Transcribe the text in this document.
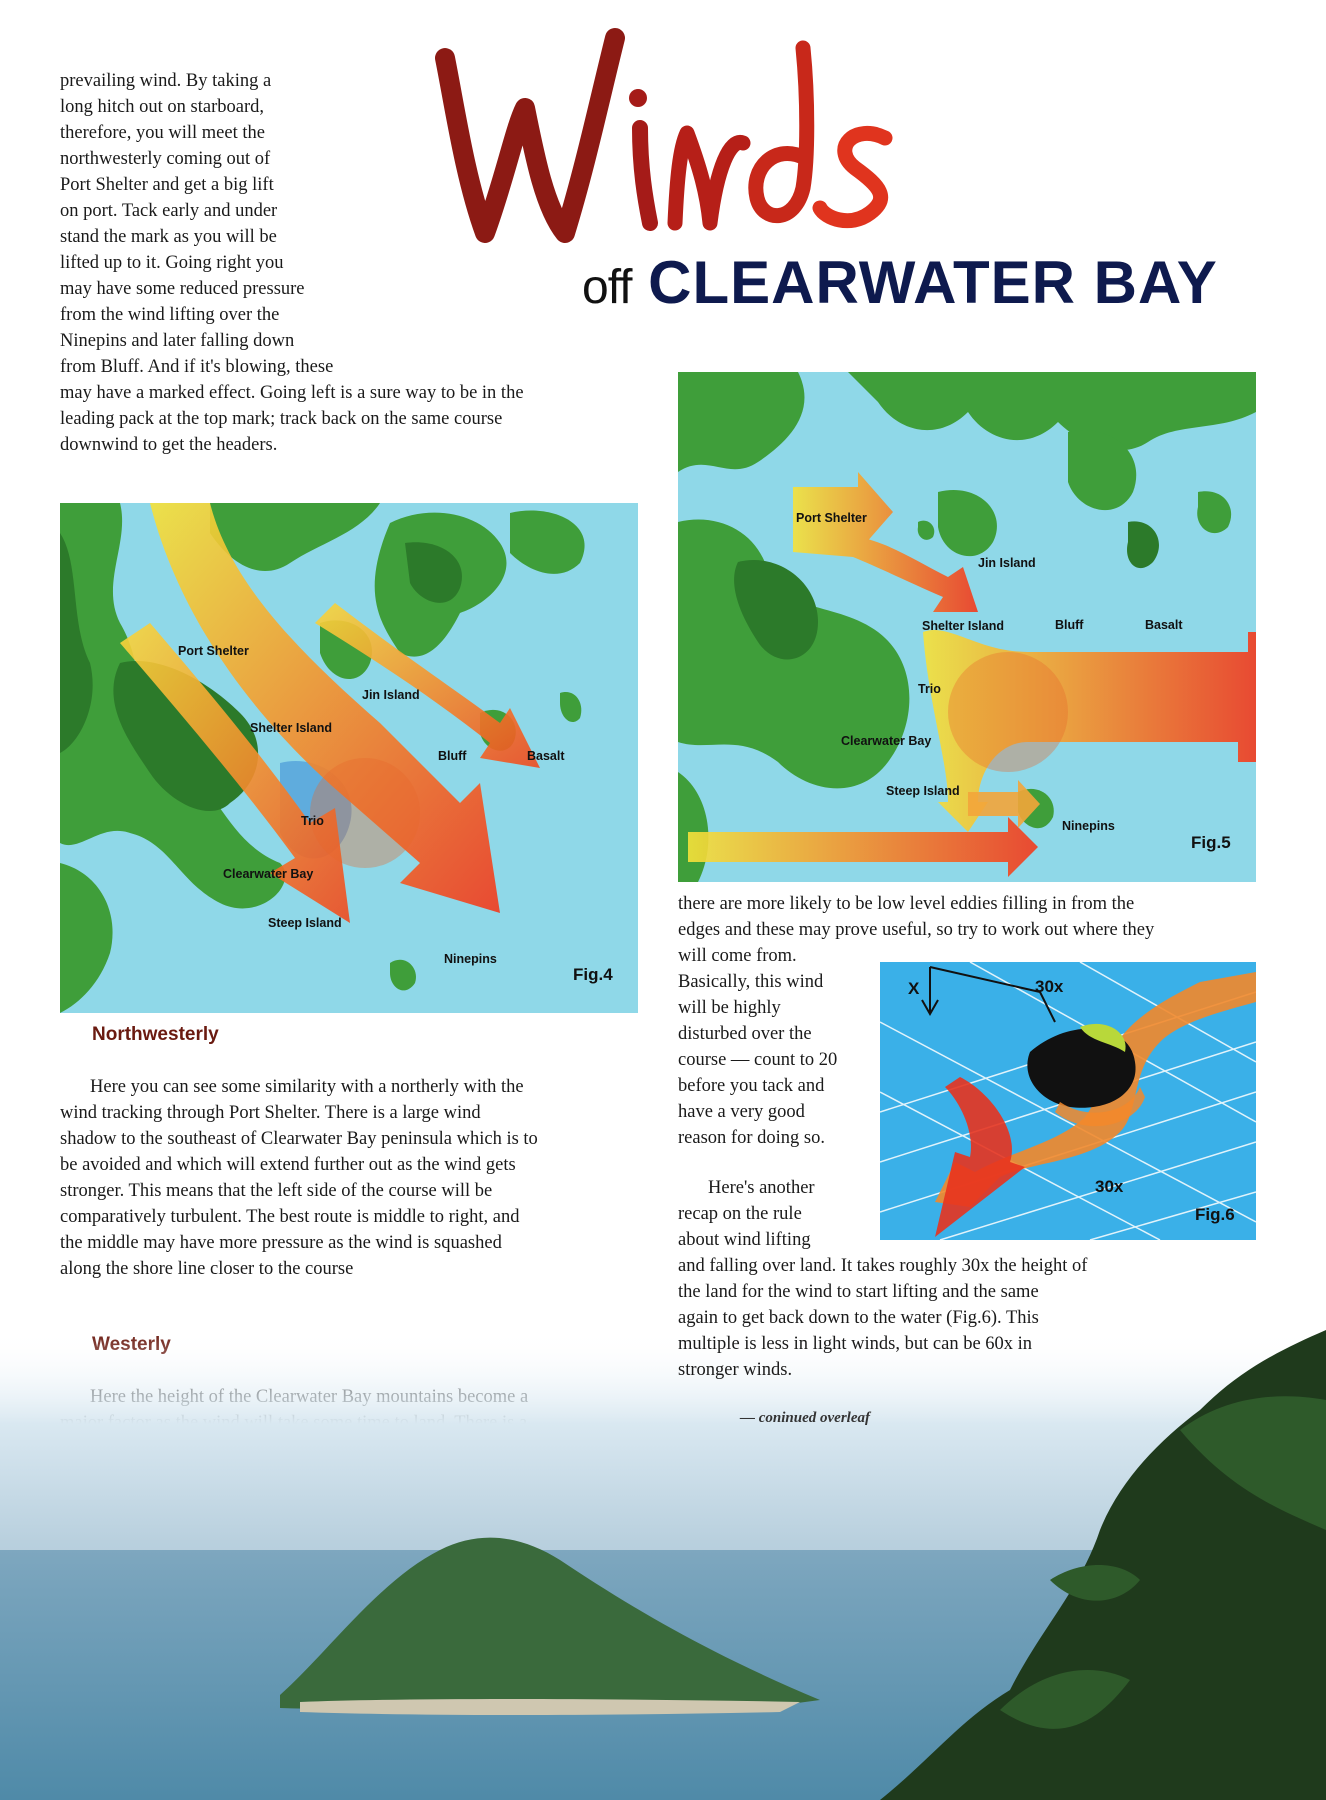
Winds
off CLEARWATER BAY

prevailing wind. By taking a

long hitch out on starboard,

therefore, you will meet the

northwesterly coming out of

Port Shelter and get a big lift

on port. Tack early and under

stand the mark as you will be

lifted up to it. Going right you

may have some reduced pressure

from the wind lifting over the

Ninepins and later falling down

from Bluff. And if it's blowing, these

may have a marked effect. Going left is a sure way to be in the

leading pack at the top mark; track back on the same course

downwind to get the headers.

Port Shelter
Jin Island
Shelter Island
Bluff	Basalt
Trio
Clearwater Bay
Steep Island
Ninepins
Fig.4
Northwesterly

Here you can see some similarity with a northerly with the

wind tracking through Port Shelter. There is a large wind

shadow to the southeast of Clearwater Bay peninsula which is to

be avoided and which will extend further out as the wind gets

stronger. This means that the left side of the course will be

comparatively turbulent. The best route is middle to right, and

the middle may have more pressure as the wind is squashed

along the shore line closer to the course

Port Shelter
Jin Island
Shelter Island	Bluff	Basalt
Trio
Clearwater Bay
Steep Island
Ninepins
Fig.5

there are more likely to be low level eddies filling in from the

edges and these may prove useful, so try to work out where they

will come from.

Basically, this wind

will be highly

disturbed over the

course — count to 20

before you tack and

have a very good

reason for doing so.

Here's another

recap on the rule

about wind lifting

X	30x
30x
Fig.6

and falling over land. It takes roughly 30x the height of

the land for the wind to start lifting and the same

again to get back down to the water (Fig.6). This

multiple is less in light winds, but can be 60x in

stronger winds.

— coninued overleaf
